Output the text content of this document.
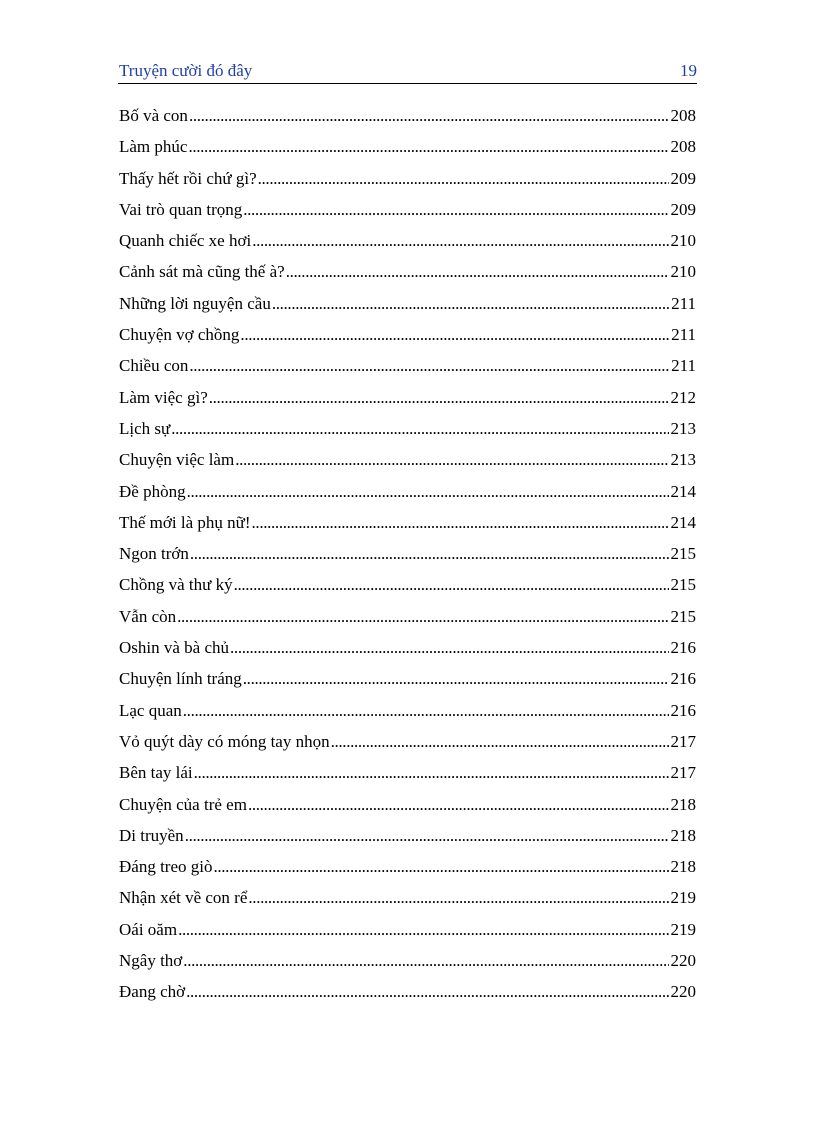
Truyện cười đó đây	19
Bố và con . . .	208
Làm phúc . . .	208
Thấy hết rồi chứ gì? . . .	209
Vai trò quan trọng . . .	209
Quanh chiếc xe hơi . . .	210
Cảnh sát mà cũng thế à? . . .	210
Những lời nguyện cầu . . .	211
Chuyện vợ chồng . . .	211
Chiều con . . .	211
Làm việc gì? . . .	212
Lịch sự . . .	213
Chuyện việc làm . . .	213
Đề phòng . . .	214
Thế mới là phụ nữ! . . .	214
Ngon trớn . . .	215
Chồng và thư ký . . .	215
Vẫn còn . . .	215
Oshin và bà chủ . . .	216
Chuyện lính tráng . . .	216
Lạc quan . . .	216
Vỏ quýt dày có móng tay nhọn . . .	217
Bên tay lái . . .	217
Chuyện của trẻ em . . .	218
Di truyền . . .	218
Đáng treo giò . . .	218
Nhận xét về con rể . . .	219
Oái oăm . . .	219
Ngây thơ . . .	220
Đang chờ . . .	220
